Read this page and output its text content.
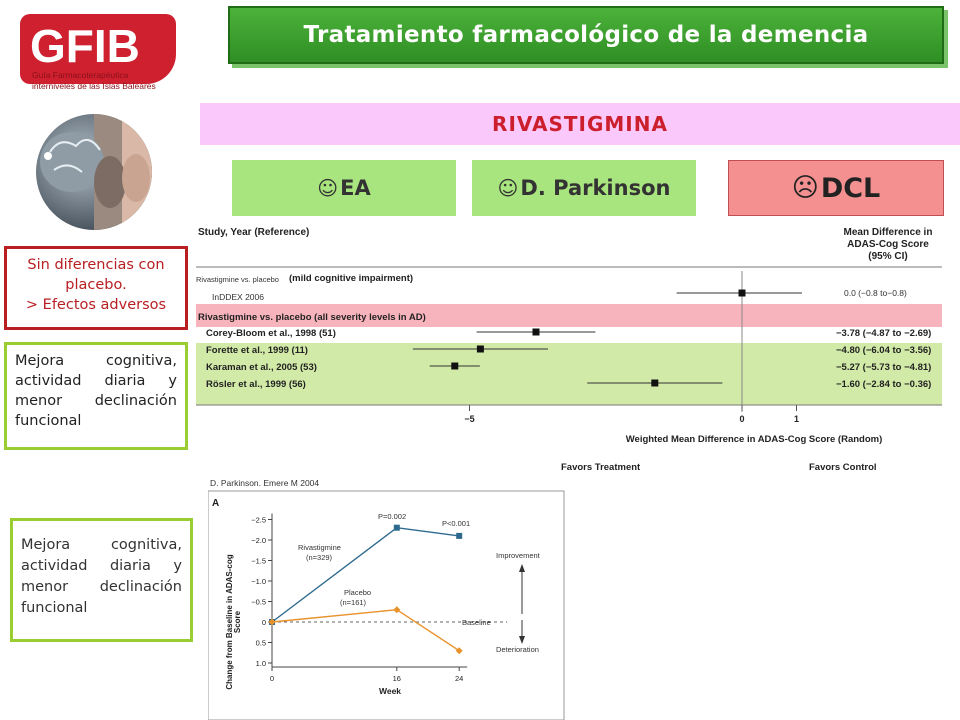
GFIB
Guía Farmacoterapéutica
interniveles de las Islas Baleares
Tratamiento farmacológico de la demencia
RIVASTIGMINA
☺ EA	☺ D. Parkinson	☹ DCL
Sin diferencias con placebo.
> Efectos adversos
Mejora cognitiva, actividad diaria y menor declinación funcional
Mejora cognitiva, actividad diaria y menor declinación funcional
Study, Year (Reference)	Mean Difference in
ADAS-Cog Score
(95% CI)
Rivastigmine vs. placebo (mild cognitive impairment)
InDDEX 2006	0.0 (−0.8 to−0.8)
Rivastigmine vs. placebo (all severity levels in AD)
Corey-Bloom et al., 1998 (51)	−3.78 (−4.87 to −2.69)
Forette et al., 1999 (11)	−4.80 (−6.04 to −3.56)
Karaman et al., 2005 (53)	−5.27 (−5.73 to −4.81)
Rösler et al., 1999 (56)	−1.60 (−2.84 to −0.36)
−5	0	1
Weighted Mean Difference in ADAS-Cog Score (Random)
Favors Treatment	Favors Control
D. Parkinson. Emere M 2004
A
Change from Baseline in ADAS-cog Score
−2.5
−2.0
−1.5
−1.0
−0.5
0
0.5
1.0
0	16	24
Week
P=0.002
P<0.001
Rivastigmine
(n=329)
Placebo
(n=161)
Baseline
Improvement
Deterioration
